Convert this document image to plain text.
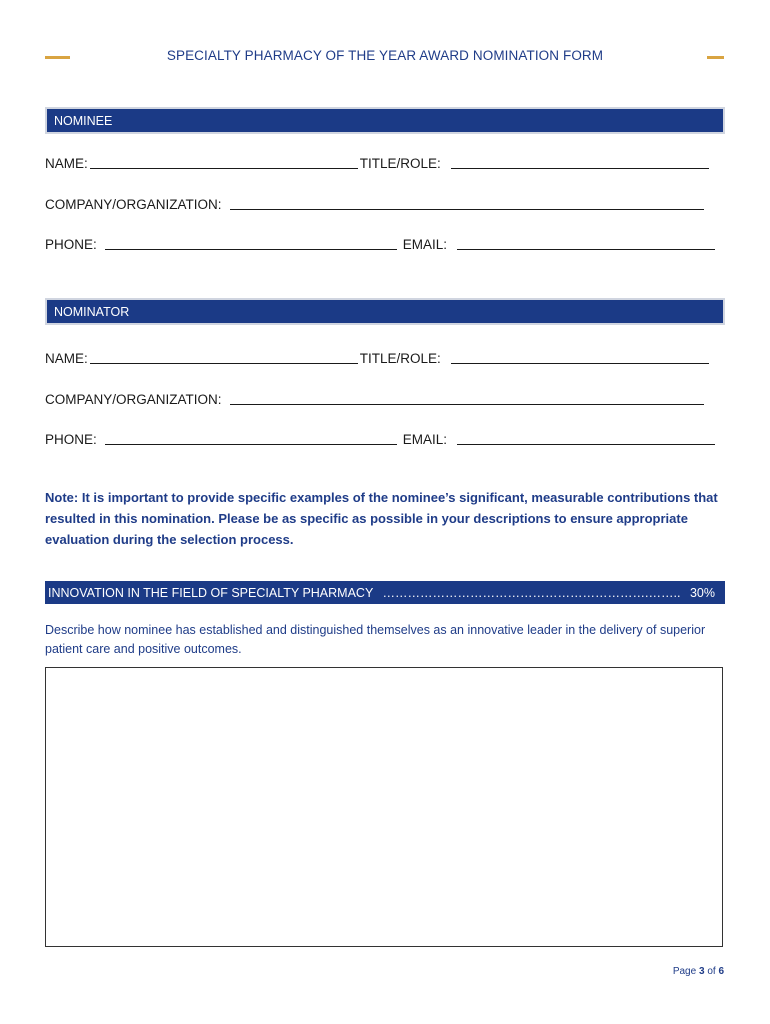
SPECIALTY PHARMACY OF THE YEAR AWARD NOMINATION FORM
NOMINEE
NAME:	TITLE/ROLE:
COMPANY/ORGANIZATION:
PHONE:	EMAIL:
NOMINATOR
NAME:	TITLE/ROLE:
COMPANY/ORGANIZATION:
PHONE:	EMAIL:
Note: It is important to provide specific examples of the nominee’s significant, measurable contributions that resulted in this nomination. Please be as specific as possible in your descriptions to ensure appropriate evaluation during the selection process.
INNOVATION IN THE FIELD OF SPECIALTY PHARMACY ……………………………………………………….…….. 30%
Describe how nominee has established and distinguished themselves as an innovative leader in the delivery of superior patient care and positive outcomes.
Page 3 of 6
